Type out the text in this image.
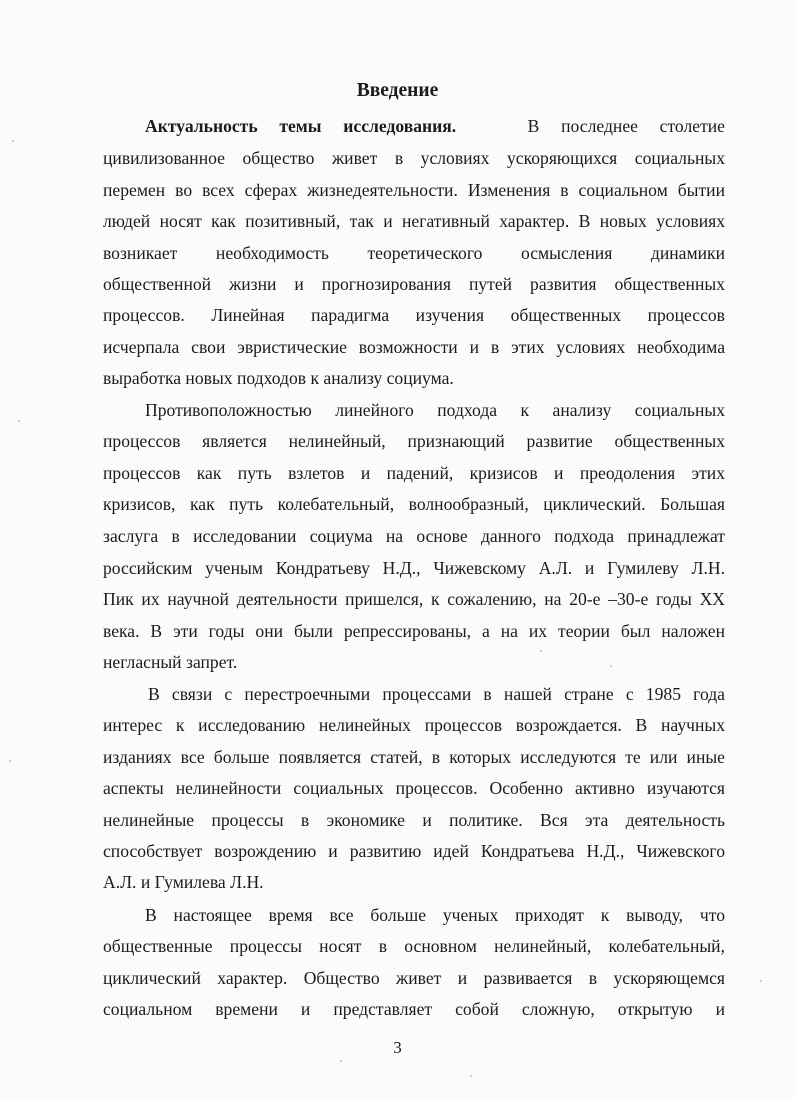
Введение
Актуальность темы исследования.	В последнее столетие
цивилизованное общество живет в условиях ускоряющихся социальных
перемен во всех сферах жизнедеятельности. Изменения в социальном бытии
людей носят как позитивный, так и негативный характер. В новых условиях
возникает необходимость теоретического осмысления динамики
общественной жизни и прогнозирования путей развития общественных
процессов. Линейная парадигма изучения общественных процессов
исчерпала свои эвристические возможности и в этих условиях необходима
выработка новых подходов к анализу социума.
Противоположностью линейного подхода к анализу социальных
процессов является нелинейный, признающий развитие общественных
процессов как путь взлетов и падений, кризисов и преодоления этих
кризисов, как путь колебательный, волнообразный, циклический. Большая
заслуга в исследовании социума на основе данного подхода принадлежат
российским ученым Кондратьеву Н.Д., Чижевскому А.Л. и Гумилеву Л.Н.
Пик их научной деятельности пришелся, к сожалению, на 20-е –30-е годы XX
века. В эти годы они были репрессированы, а на их теории был наложен
негласный запрет.
В связи с перестроечными процессами в нашей стране с 1985 года
интерес к исследованию нелинейных процессов возрождается. В научных
изданиях все больше появляется статей, в которых исследуются те или иные
аспекты нелинейности социальных процессов. Особенно активно изучаются
нелинейные процессы в экономике и политике. Вся эта деятельность
способствует возрождению и развитию идей Кондратьева Н.Д., Чижевского
А.Л. и Гумилева Л.Н.
В настоящее время все больше ученых приходят к выводу, что
общественные процессы носят в основном нелинейный, колебательный,
циклический характер. Общество живет и развивается в ускоряющемся
социальном времени и представляет собой сложную, открытую и
3
